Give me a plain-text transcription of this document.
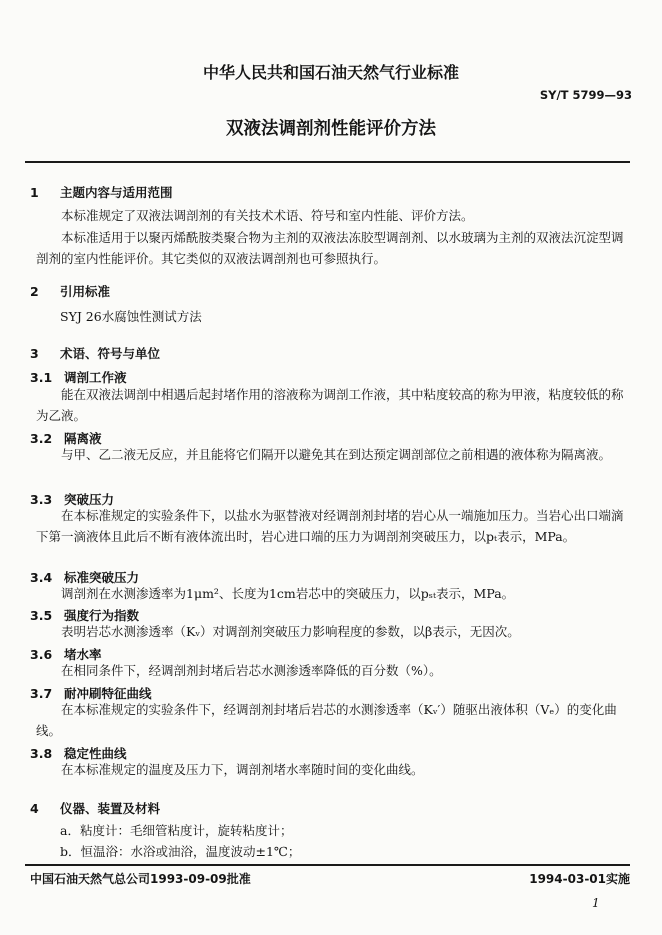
中华人民共和国石油天然气行业标准
SY/T 5799—93
双液法调剖剂性能评价方法
1 主题内容与适用范围
本标准规定了双液法调剖剂的有关技术术语、符号和室内性能、评价方法。
本标准适用于以聚丙烯酰胺类聚合物为主剂的双液法冻胶型调剖剂、以水玻璃为主剂的双液法沉淀型调剖剂的室内性能评价。其它类似的双液法调剖剂也可参照执行。
2 引用标准
SYJ 26水腐蚀性测试方法
3 术语、符号与单位
3.1 调剖工作液
能在双液法调剖中相遇后起封堵作用的溶液称为调剖工作液，其中粘度较高的称为甲液，粘度较低的称为乙液。
3.2 隔离液
与甲、乙二液无反应，并且能将它们隔开以避免其在到达预定调剖部位之前相遇的液体称为隔离液。
3.3 突破压力
在本标准规定的实验条件下，以盐水为驱替液对经调剖剂封堵的岩心从一端施加压力。当岩心出口端滴下第一滴液体且此后不断有液体流出时，岩心进口端的压力为调剖剂突破压力，以pₜ表示，MPa。
3.4 标准突破压力
调剖剂在水测渗透率为1μm²、长度为1cm岩芯中的突破压力，以pₛₜ表示，MPa。
3.5 强度行为指数
表明岩芯水测渗透率（Kᵥ）对调剖剂突破压力影响程度的参数，以β表示，无因次。
3.6 堵水率
在相同条件下，经调剖剂封堵后岩芯水测渗透率降低的百分数（%）。
3.7 耐冲刷特征曲线
在本标准规定的实验条件下，经调剖剂封堵后岩芯的水测渗透率（Kᵥ′）随驱出液体积（Vₑ）的变化曲线。
3.8 稳定性曲线
在本标准规定的温度及压力下，调剖剂堵水率随时间的变化曲线。
4 仪器、装置及材料
a．粘度计：毛细管粘度计，旋转粘度计；
b．恒温浴：水浴或油浴，温度波动±1℃；
中国石油天然气总公司1993-09-09批准	1994-03-01实施
1
